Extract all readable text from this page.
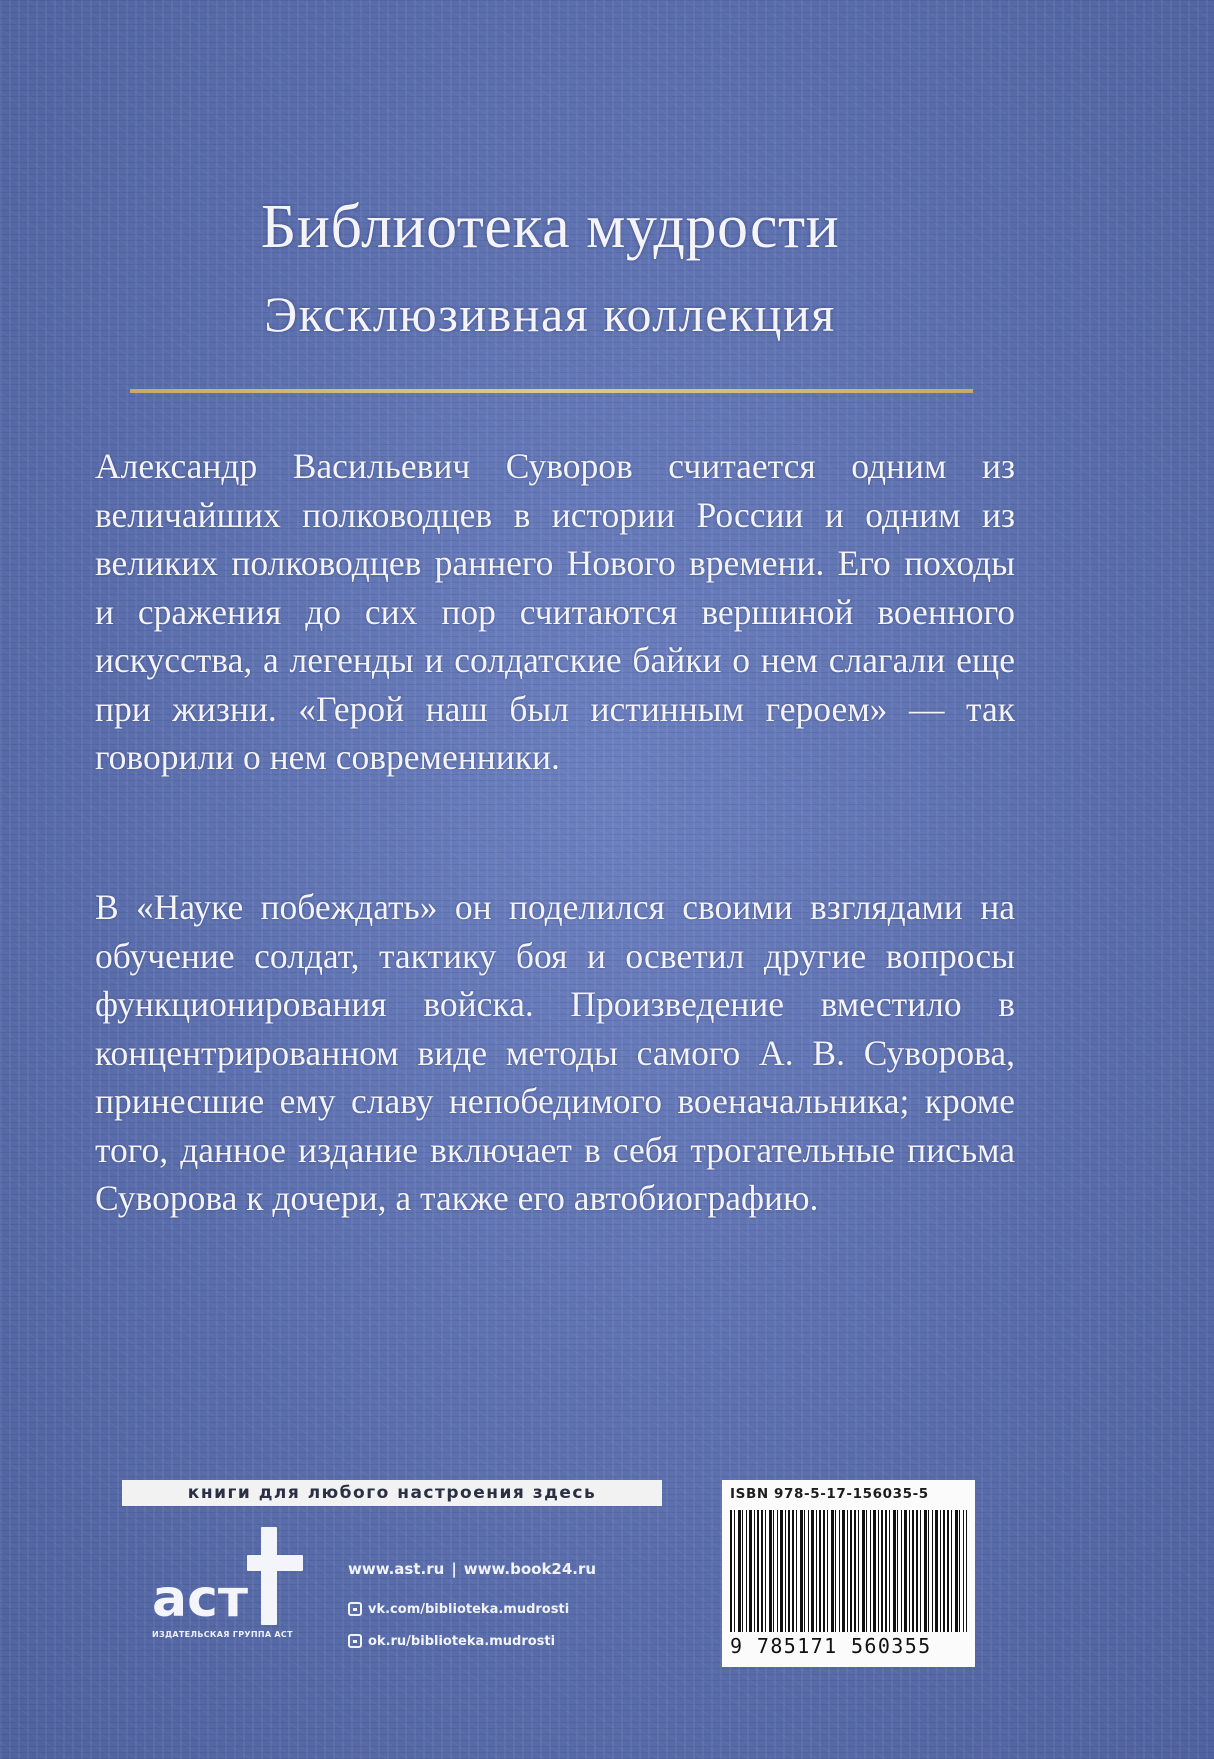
Библиотека мудрости
Эксклюзивная коллекция

Александр Васильевич Суворов считается одним из величайших полководцев в истории России и одним из великих полководцев раннего Нового времени. Его походы и сражения до сих пор считаются вершиной военного искусства, а легенды и солдатские байки о нем слагали еще при жизни. «Герой наш был истинным героем» — так говорили о нем современники.

В «Науке побеждать» он поделился своими взглядами на обучение солдат, тактику боя и осветил другие вопросы функционирования войска. Произведение вместило в концентрированном виде методы самого А. В. Суворова, принесшие ему славу непобедимого военачальника; кроме того, данное издание включает в себя трогательные письма Суворова к дочери, а также его автобиографию.

книги для любого настроения здесь
аст
ИЗДАТЕЛЬСКАЯ ГРУППА АСТ
www.ast.ru | www.book24.ru
vk.com/biblioteka.mudrosti
ok.ru/biblioteka.mudrosti
ISBN 978-5-17-156035-5
9 785171 560355
